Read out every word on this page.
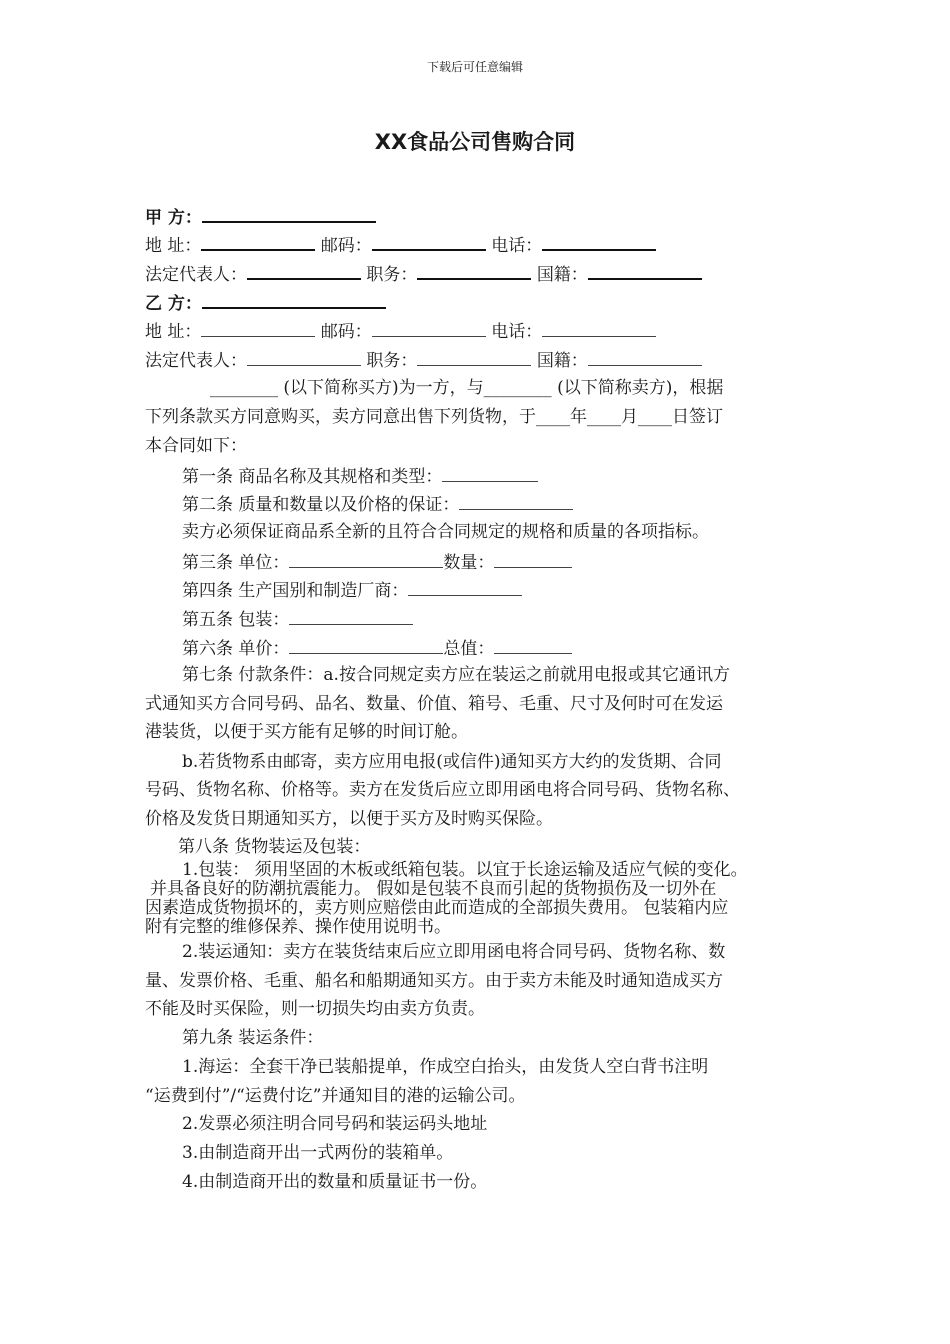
下载后可任意编辑
XX食品公司售购合同
甲 方：
地 址：	邮码：	电话：
法定代表人：	职务：	国籍：
乙 方：
地 址：	邮码：	电话：
法定代表人：	职务：	国籍：
________ (以下简称买方)为一方，与________ (以下简称卖方)，根据
下列条款买方同意购买，卖方同意出售下列货物，于____年____月____日签订
本合同如下：
第一条 商品名称及其规格和类型：
第二条 质量和数量以及价格的保证：
卖方必须保证商品系全新的且符合合同规定的规格和质量的各项指标。
第三条 单位：	数量：
第四条 生产国别和制造厂商：
第五条 包装：
第六条 单价：	总值：
第七条 付款条件：a.按合同规定卖方应在装运之前就用电报或其它通讯方
式通知买方合同号码、品名、数量、价值、箱号、毛重、尺寸及何时可在发运
港装货，以便于买方能有足够的时间订舱。
b.若货物系由邮寄，卖方应用电报(或信件)通知买方大约的发货期、合同
号码、货物名称、价格等。卖方在发货后应立即用函电将合同号码、货物名称、
价格及发货日期通知买方，以便于买方及时购买保险。
第八条 货物装运及包装：
1.包装： 须用坚固的木板或纸箱包装。以宜于长途运输及适应气候的变化。
并具备良好的防潮抗震能力。 假如是包装不良而引起的货物损伤及一切外在
因素造成货物损坏的，卖方则应赔偿由此而造成的全部损失费用。 包装箱内应
附有完整的维修保养、操作使用说明书。
2.装运通知：卖方在装货结束后应立即用函电将合同号码、货物名称、数
量、发票价格、毛重、船名和船期通知买方。由于卖方未能及时通知造成买方
不能及时买保险，则一切损失均由卖方负责。
第九条 装运条件：
1.海运：全套干净已装船提单，作成空白抬头，由发货人空白背书注明
“运费到付”/“运费付讫”并通知目的港的运输公司。
2.发票必须注明合同号码和装运码头地址
3.由制造商开出一式两份的装箱单。
4.由制造商开出的数量和质量证书一份。
